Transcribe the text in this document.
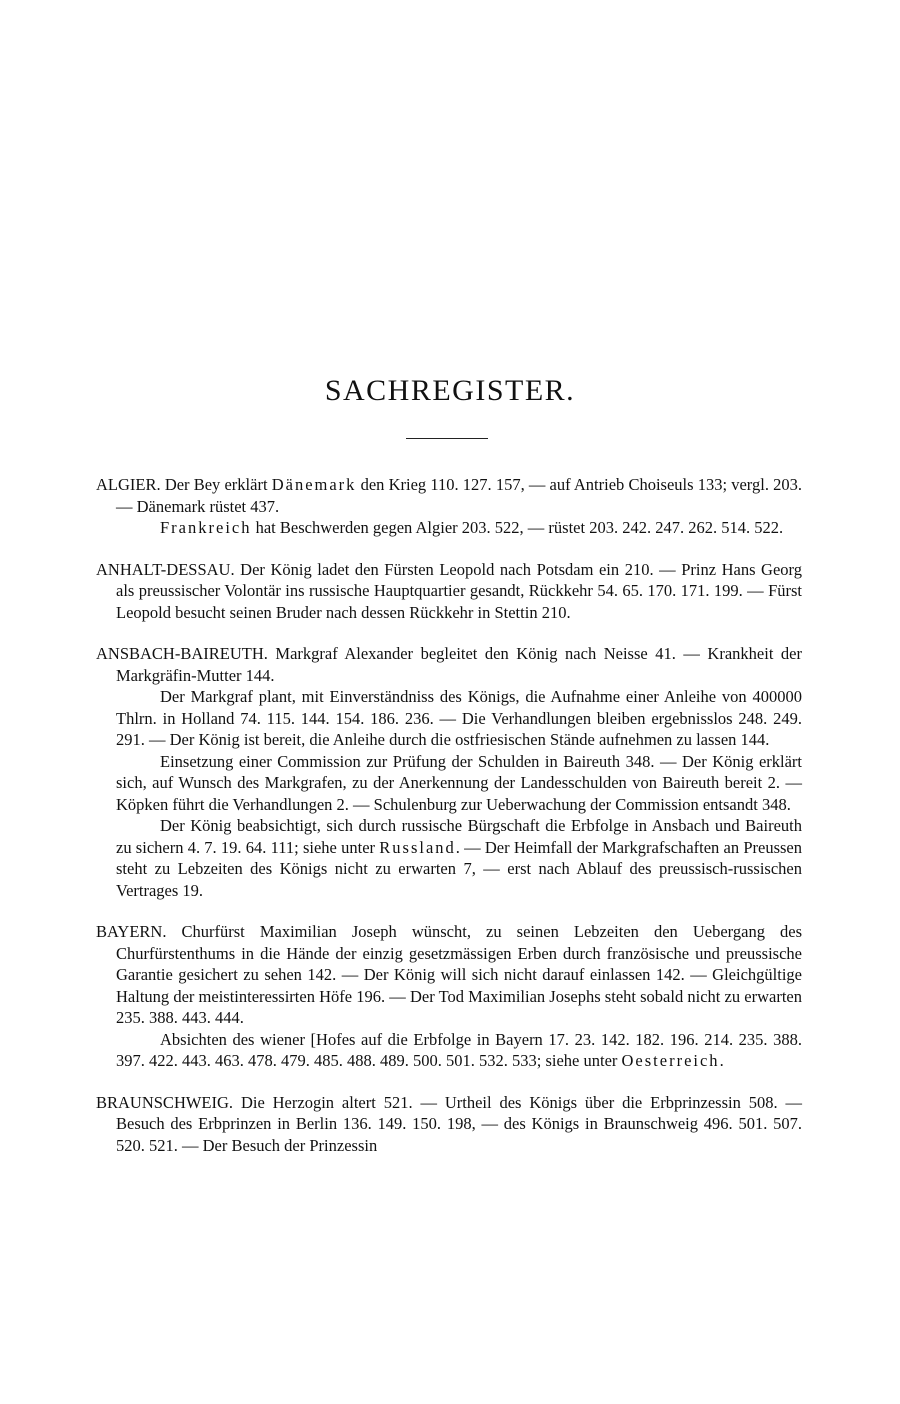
SACHREGISTER.

ALGIER. Der Bey erklärt Dänemark den Krieg 110. 127. 157, — auf Antrieb Choiseuls 133; vergl. 203. — Dänemark rüstet 437.

Frankreich hat Beschwerden gegen Algier 203. 522, — rüstet 203. 242. 247. 262. 514. 522.

ANHALT-DESSAU. Der König ladet den Fürsten Leopold nach Potsdam ein 210. — Prinz Hans Georg als preussischer Volontär ins russische Hauptquartier gesandt, Rückkehr 54. 65. 170. 171. 199. — Fürst Leopold besucht seinen Bruder nach dessen Rückkehr in Stettin 210.

ANSBACH-BAIREUTH. Markgraf Alexander begleitet den König nach Neisse 41. — Krankheit der Markgräfin-Mutter 144.

Der Markgraf plant, mit Einverständniss des Königs, die Aufnahme einer Anleihe von 400000 Thlrn. in Holland 74. 115. 144. 154. 186. 236. — Die Verhandlungen bleiben ergebnisslos 248. 249. 291. — Der König ist bereit, die Anleihe durch die ostfriesischen Stände aufnehmen zu lassen 144.

Einsetzung einer Commission zur Prüfung der Schulden in Baireuth 348. — Der König erklärt sich, auf Wunsch des Markgrafen, zu der Anerkennung der Landesschulden von Baireuth bereit 2. — Köpken führt die Verhandlungen 2. — Schulenburg zur Ueberwachung der Commission entsandt 348.

Der König beabsichtigt, sich durch russische Bürgschaft die Erbfolge in Ansbach und Baireuth zu sichern 4. 7. 19. 64. 111; siehe unter Russland. — Der Heimfall der Markgrafschaften an Preussen steht zu Lebzeiten des Königs nicht zu erwarten 7, — erst nach Ablauf des preussisch-russischen Vertrages 19.

BAYERN. Churfürst Maximilian Joseph wünscht, zu seinen Lebzeiten den Uebergang des Churfürstenthums in die Hände der einzig gesetzmässigen Erben durch französische und preussische Garantie gesichert zu sehen 142. — Der König will sich nicht darauf einlassen 142. — Gleichgültige Haltung der meistinteressirten Höfe 196. — Der Tod Maximilian Josephs steht sobald nicht zu erwarten 235. 388. 443. 444.

Absichten des wiener [Hofes auf die Erbfolge in Bayern 17. 23. 142. 182. 196. 214. 235. 388. 397. 422. 443. 463. 478. 479. 485. 488. 489. 500. 501. 532. 533; siehe unter Oesterreich.

BRAUNSCHWEIG. Die Herzogin altert 521. — Urtheil des Königs über die Erbprinzessin 508. — Besuch des Erbprinzen in Berlin 136. 149. 150. 198, — des Königs in Braunschweig 496. 501. 507. 520. 521. — Der Besuch der Prinzessin
